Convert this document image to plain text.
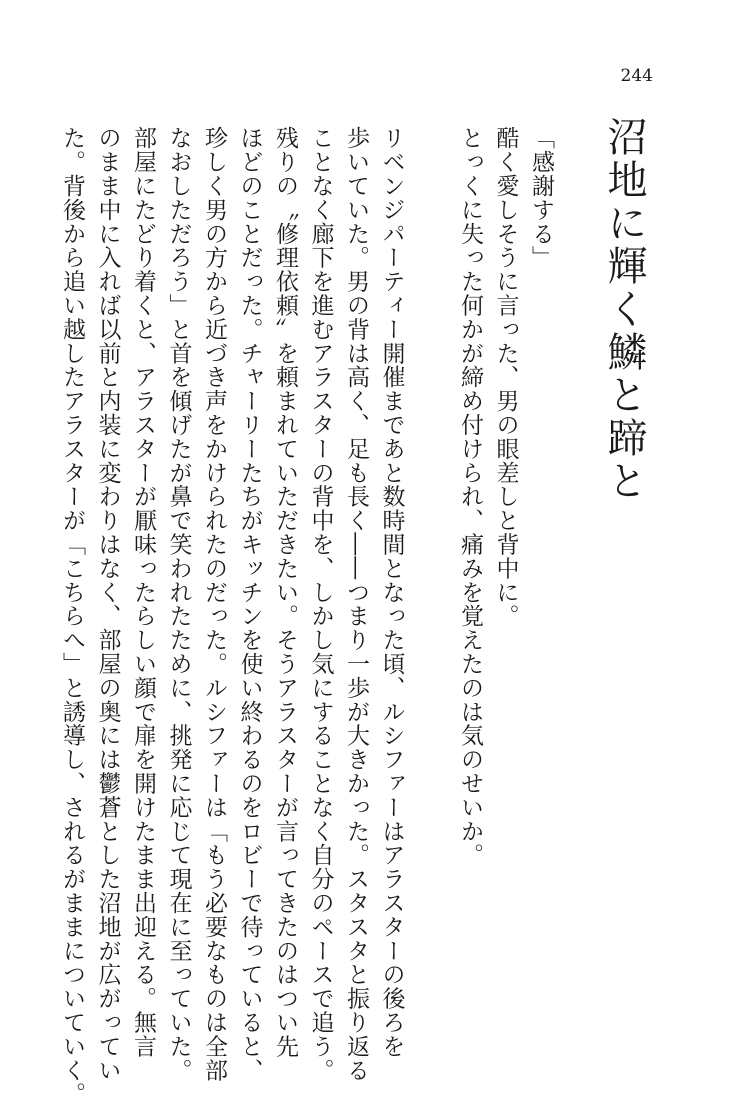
244
沼地に輝く鱗と蹄と

「感謝する」

酷く愛しそうに言った、男の眼差しと背中に。

とっくに失った何かが締め付けられ、痛みを覚えたのは気のせいか。

リベンジパーティー開催まであと数時間となった頃、ルシファーはアラスターの後ろを
歩いていた。男の背は高く、足も長く――つまり一歩が大きかった。スタスタと振り返る
ことなく廊下を進むアラスターの背中を、しかし気にすることなく自分のペースで追う。

残りの〝修理依頼〟を頼まれていただきたい。そうアラスターが言ってきたのはつい先
ほどのことだった。チャーリーたちがキッチンを使い終わるのをロビーで待っていると、
珍しく男の方から近づき声をかけられたのだった。ルシファーは「もう必要なものは全部
なおしただろう」と首を傾げたが鼻で笑われたために、挑発に応じて現在に至っていた。

部屋にたどり着くと、アラスターが厭味ったらしい顔で扉を開けたまま出迎える。無言
のまま中に入れば以前と内装に変わりはなく、部屋の奥には鬱蒼とした沼地が広がってい
た。背後から追い越したアラスターが「こちらへ」と誘導し、されるがままについていく。
